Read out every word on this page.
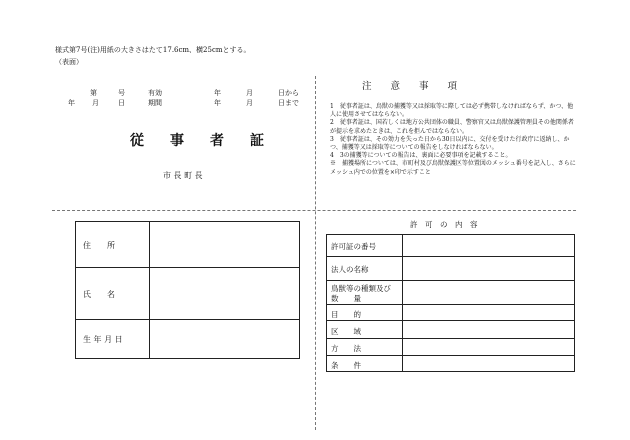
様式第7号(注)用紙の大きさはたて17.6cm、横25cmとする。
（表面）
第	号	有効	年	月	日から
年 月	日	期間	年	月	日まで
従　事　者　証
市 長 町 長
注　　意　　事　　項

1　従事者証は、鳥獣の捕獲等又は採取等に際しては必ず携帯しなければならず、かつ、他人に使用させてはならない。

2　従事者証は、国若しくは地方公共団体の職員、警察官又は鳥獣保護管理員その他関係者が提示を求めたときは、これを拒んではならない。

3　従事者証は、その効力を失った日から30日以内に、交付を受けた行政庁に返納し、かつ、捕獲等又は採取等についての報告をしなければならない。

4　3の捕獲等についての報告は、裏面に必要事項を記載すること。

※　捕獲場所については、市町村及び鳥獣保護区等位置図のメッシュ番号を記入し、さらにメッシュ内での位置を×印で示すこと

住　　所
氏　　名
生 年 月 日
許　可　の　内　容
許可証の番号
法人の名称
鳥獣等の種類及び
数　　量
目　　的
区　　域
方　　法
条　　件
